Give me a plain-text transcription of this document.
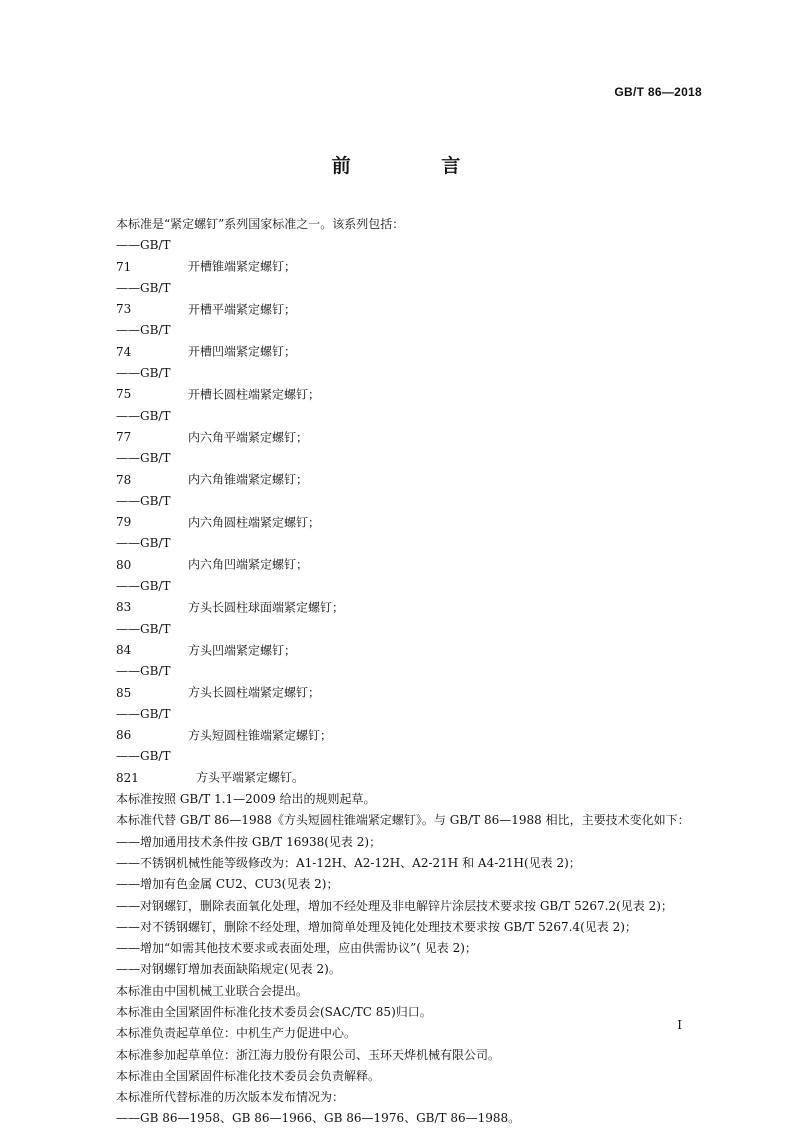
GB/T 86—2018
前 言

本标准是“紧定螺钉”系列国家标准之一。该系列包括：

——GB/T 71	开槽锥端紧定螺钉；

——GB/T 73	开槽平端紧定螺钉；

——GB/T 74	开槽凹端紧定螺钉；

——GB/T 75	开槽长圆柱端紧定螺钉；

——GB/T 77	内六角平端紧定螺钉；

——GB/T 78	内六角锥端紧定螺钉；

——GB/T 79	内六角圆柱端紧定螺钉；

——GB/T 80	内六角凹端紧定螺钉；

——GB/T 83	方头长圆柱球面端紧定螺钉；

——GB/T 84	方头凹端紧定螺钉；

——GB/T 85	方头长圆柱端紧定螺钉；

——GB/T 86	方头短圆柱锥端紧定螺钉；

——GB/T 821	方头平端紧定螺钉。

本标准按照 GB/T 1.1—2009 给出的规则起草。

本标准代替 GB/T 86—1988《方头短圆柱锥端紧定螺钉》。与 GB/T 86—1988 相比，主要技术变化如下：

——增加通用技术条件按 GB/T 16938(见表 2)；

——不锈钢机械性能等级修改为：A1-12H、A2-12H、A2-21H 和 A4-21H(见表 2)；

——增加有色金属 CU2、CU3(见表 2)；

——对钢螺钉，删除表面氧化处理，增加不经处理及非电解锌片涂层技术要求按 GB/T 5267.2(见表 2)；

——对不锈钢螺钉，删除不经处理，增加简单处理及钝化处理技术要求按 GB/T 5267.4(见表 2)；

——增加“如需其他技术要求或表面处理，应由供需协议”( 见表 2)；

——对钢螺钉增加表面缺陷规定(见表 2)。

本标准由中国机械工业联合会提出。

本标准由全国紧固件标准化技术委员会(SAC/TC 85)归口。

本标准负责起草单位：中机生产力促进中心。

本标准参加起草单位：浙江海力股份有限公司、玉环天烨机械有限公司。

本标准由全国紧固件标准化技术委员会负责解释。

本标准所代替标准的历次版本发布情况为：

——GB 86—1958、GB 86—1966、GB 86—1976、GB/T 86—1988。

I
